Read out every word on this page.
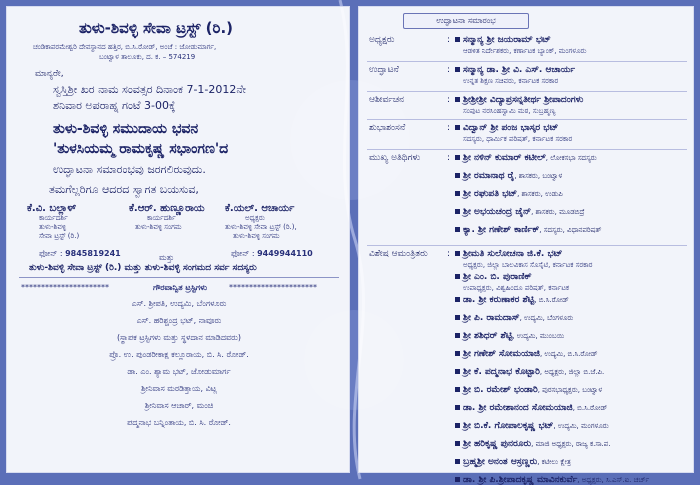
ತುಳು-ಶಿವಳ್ಳಿ ಸೇವಾ ಟ್ರಸ್ಟ್ (ರಿ.)
ಚಂಡಿಕಾಪರಮೇಶ್ವರಿ ದೇವಸ್ಥಾನದ ಹತ್ತಿರ, ಬಿ.ಸಿ.ರೋಡ್, ಅಂಚೆ : ಜೋಡುಮಾರ್ಗ,
ಬಂಟ್ವಾಳ ತಾಲೂಕು, ದ. ಕ. – 574219
ಮಾನ್ಯರೇ,
ಸ್ವಸ್ತಿಶ್ರೀ ಖರ ನಾಮ ಸಂವತ್ಸರ ದಿನಾಂಕ 7-1-2012ನೇ
ಶನಿವಾರ ಅಪರಾಹ್ನ ಗಂಟೆ 3-00ಕ್ಕೆ
ತುಳು-ಶಿವಳ್ಳಿ ಸಮುದಾಯ ಭವನ
'ತುಳಸಿಯಮ್ಮ ರಾಮಕೃಷ್ಣ ಸಭಾಂಗಣ'ದ
ಉದ್ಘಾಟನಾ ಸಮಾರಂಭವು ಜರಗಲಿರುವುದು.
ತಮಗೆಲ್ಲರಿಗೂ ಆದರದ ಸ್ವಾಗತ ಬಯಸುವ,
ಕೆ.ವಿ. ಬಲ್ಲಾಳ್
ಕಾರ್ಯದರ್ಶಿ
ತುಳು-ಶಿವಳ್ಳಿ
ಸೇವಾ ಟ್ರಸ್ಟ್ (ರಿ.)
ಕೆ.ಆರ್. ಹುಣ್ಣೂರಾಯ
ಕಾರ್ಯದರ್ಶಿ
ತುಳು-ಶಿವಳ್ಳಿ ಸಂಗಮ
ಕೆ.ಯಲ್. ಆಚಾರ್ಯ
ಅಧ್ಯಕ್ಷರು
ತುಳು-ಶಿವಳ್ಳಿ ಸೇವಾ ಟ್ರಸ್ಟ್ (ರಿ.),
ತುಳು-ಶಿವಳ್ಳಿ ಸಂಗಮ
ಫೋನ್ : 9845819241	ಮತ್ತು	ಫೋನ್ : 9449944110
ತುಳು-ಶಿವಳ್ಳಿ ಸೇವಾ ಟ್ರಸ್ಟ್ (ರಿ.) ಮತ್ತು ತುಳು-ಶಿವಳ್ಳಿ ಸಂಗಮದ ಸರ್ವ ಸದಸ್ಯರು
**********************	ಗೌರವಾನ್ವಿತ ಟ್ರಸ್ಟಿಗಳು	**********************
ಎಸ್. ಶ್ರೀಪತಿ, ಉದ್ಯಮಿ, ಬೆಂಗಳೂರು
ಎಸ್. ಹರಿಶ್ಚಂದ್ರ ಭಟ್, ನಾವೂರು
(ಸ್ಥಾಪಕ ಟ್ರಸ್ಟಿಗಳು ಮತ್ತು ಸ್ಥಳದಾನ ಮಾಡಿದವರು)
ಪ್ರೊ. ಉ. ಪುಂಡರೀಕಾಕ್ಷ ಕಲ್ಲೂರಾಯ, ಬಿ. ಸಿ. ರೋಡ್.
ಡಾ. ಎಂ. ಶ್ಯಾಮ ಭಟ್, ಜೋಡುಮಾರ್ಗ
ಶ್ರೀನಿವಾಸ ಮರಡಿತ್ತಾಯ, ವಿಟ್ಲ
ಶ್ರೀನಿವಾಸ ಆಚಾರ್, ಮಂಚಿ
ಪದ್ಮನಾಭ ಬನ್ನಿಂತಾಯ, ಬಿ. ಸಿ. ರೋಡ್.
ಉದ್ಘಾಟನಾ ಸಮಾರಂಭ
ಅಧ್ಯಕ್ಷರು	:	ಸನ್ಮಾನ್ಯ ಶ್ರೀ ಜಯರಾಮ್ ಭಟ್
ಆಡಳಿತ ನಿರ್ದೇಶಕರು, ಕರ್ಣಾಟಕ ಬ್ಯಾಂಕ್, ಮಂಗಳೂರು
ಉದ್ಘಾಟನೆ	:	ಸನ್ಮಾನ್ಯ ಡಾ. ಶ್ರೀ ವಿ. ಎಸ್. ಆಚಾರ್ಯ
ಉನ್ನತ ಶಿಕ್ಷಣ ಸಚಿವರು, ಕರ್ನಾಟಕ ಸರಕಾರ
ಆಶೀರ್ವಚನ	:	ಶ್ರೀಶ್ರೀಶ್ರೀ ವಿದ್ಯಾಪ್ರಸನ್ನತೀರ್ಥ ಶ್ರೀಪಾದಂಗಳು
ಸಂಪುಟ ನರಸಿಂಹಸ್ವಾಮಿ ಮಠ, ಸುಬ್ರಹ್ಮಣ್ಯ
ಶುಭಾಶಂಸನೆ	:	ವಿದ್ವಾನ್ ಶ್ರೀ ಪಂಜ ಭಾಸ್ಕರ ಭಟ್
ಸದಸ್ಯರು, ಧಾರ್ಮಿಕ ಪರಿಷತ್, ಕರ್ನಾಟಕ ಸರಕಾರ
ಮುಖ್ಯ ಅತಿಥಿಗಳು	:	ಶ್ರೀ ನಳಿನ್ ಕುಮಾರ್ ಕಟೀಲ್, ಲೋಕಸಭಾ ಸದಸ್ಯರು
ಶ್ರೀ ರಮಾನಾಥ ರೈ, ಶಾಸಕರು, ಬಂಟ್ವಾಳ
ಶ್ರೀ ರಘುಪತಿ ಭಟ್, ಶಾಸಕರು, ಉಡುಪಿ
ಶ್ರೀ ಅಭಯಚಂದ್ರ ಜೈನ್, ಶಾಸಕರು, ಮೂಡಬಿದ್ರೆ
ಕ್ಯಾ. ಶ್ರೀ ಗಣೇಶ್ ಕಾರ್ಣಿಕ್, ಸದಸ್ಯರು, ವಿಧಾನಪರಿಷತ್
ವಿಶೇಷ ಆಮಂತ್ರಿತರು :	ಶ್ರೀಮತಿ ಸುಲೋಚನಾ ಜಿ.ಕೆ. ಭಟ್
ಅಧ್ಯಕ್ಷರು, ಜಿಲ್ಲಾ ಬಾಲವಿಕಾಸ ಸೊಸೈಟಿ, ಕರ್ನಾಟಕ ಸರಕಾರ
ಶ್ರೀ ಎಂ. ಬಿ. ಪುರಾಣಿಕ್
ಉಪಾಧ್ಯಕ್ಷರು, ವಿಶ್ವಹಿಂದೂ ಪರಿಷತ್, ಕರ್ನಾಟಕ
ಡಾ. ಶ್ರೀ ಕರುಣಾಕರ ಶೆಟ್ಟಿ, ಬಿ.ಸಿ.ರೋಡ್
ಶ್ರೀ ಪಿ. ರಾಮದಾಸ್, ಉದ್ಯಮಿ, ಬೆಂಗಳೂರು
ಶ್ರೀ ಶಶಿಧರ್ ಶೆಟ್ಟಿ, ಉದ್ಯಮಿ, ಮುಂಬಯಿ
ಶ್ರೀ ಗಣೇಶ್ ಸೋಮಯಾಜಿ, ಉದ್ಯಮಿ, ಬಿ.ಸಿ.ರೋಡ್
ಶ್ರೀ ಕೆ. ಪದ್ಮನಾಭ ಕೊಟ್ಟಾರಿ, ಅಧ್ಯಕ್ಷರು, ಜಿಲ್ಲಾ ಬಿ.ಜೆ.ಪಿ.
ಶ್ರೀ ಬಿ. ರಮೇಶ್ ಭಂಡಾರಿ, ಪುರಸಭಾಧ್ಯಕ್ಷರು, ಬಂಟ್ವಾಳ
ಡಾ. ಶ್ರೀ ರಮೇಶಾನಂದ ಸೋಮಯಾಜಿ, ಬಿ.ಸಿ.ರೋಡ್
ಶ್ರೀ ಬಿ.ಕೆ. ಗೋಪಾಲಕೃಷ್ಣ ಭಟ್, ಉದ್ಯಮಿ, ಮಂಗಳೂರು
ಶ್ರೀ ಹರಿಕೃಷ್ಣ ಪುನರೂರು, ಮಾಜಿ ಅಧ್ಯಕ್ಷರು, ರಾಜ್ಯ ಕ.ಸಾ.ಪ.
ಬ್ರಹ್ಮಶ್ರೀ ಅನಂತ ಆಸ್ರಣ್ಣರು, ಕಟೀಲು ಕ್ಷೇತ್ರ
ಡಾ. ಶ್ರೀ ಪಿ.ಶ್ರೀಪಾದಕೃಷ್ಣ ಮಾವಿನಕುರ್ವೆ, ಅಧ್ಯಕ್ಷರು, ಸಿ.ಎಸ್.ಐ. ಚರ್ಚ್
